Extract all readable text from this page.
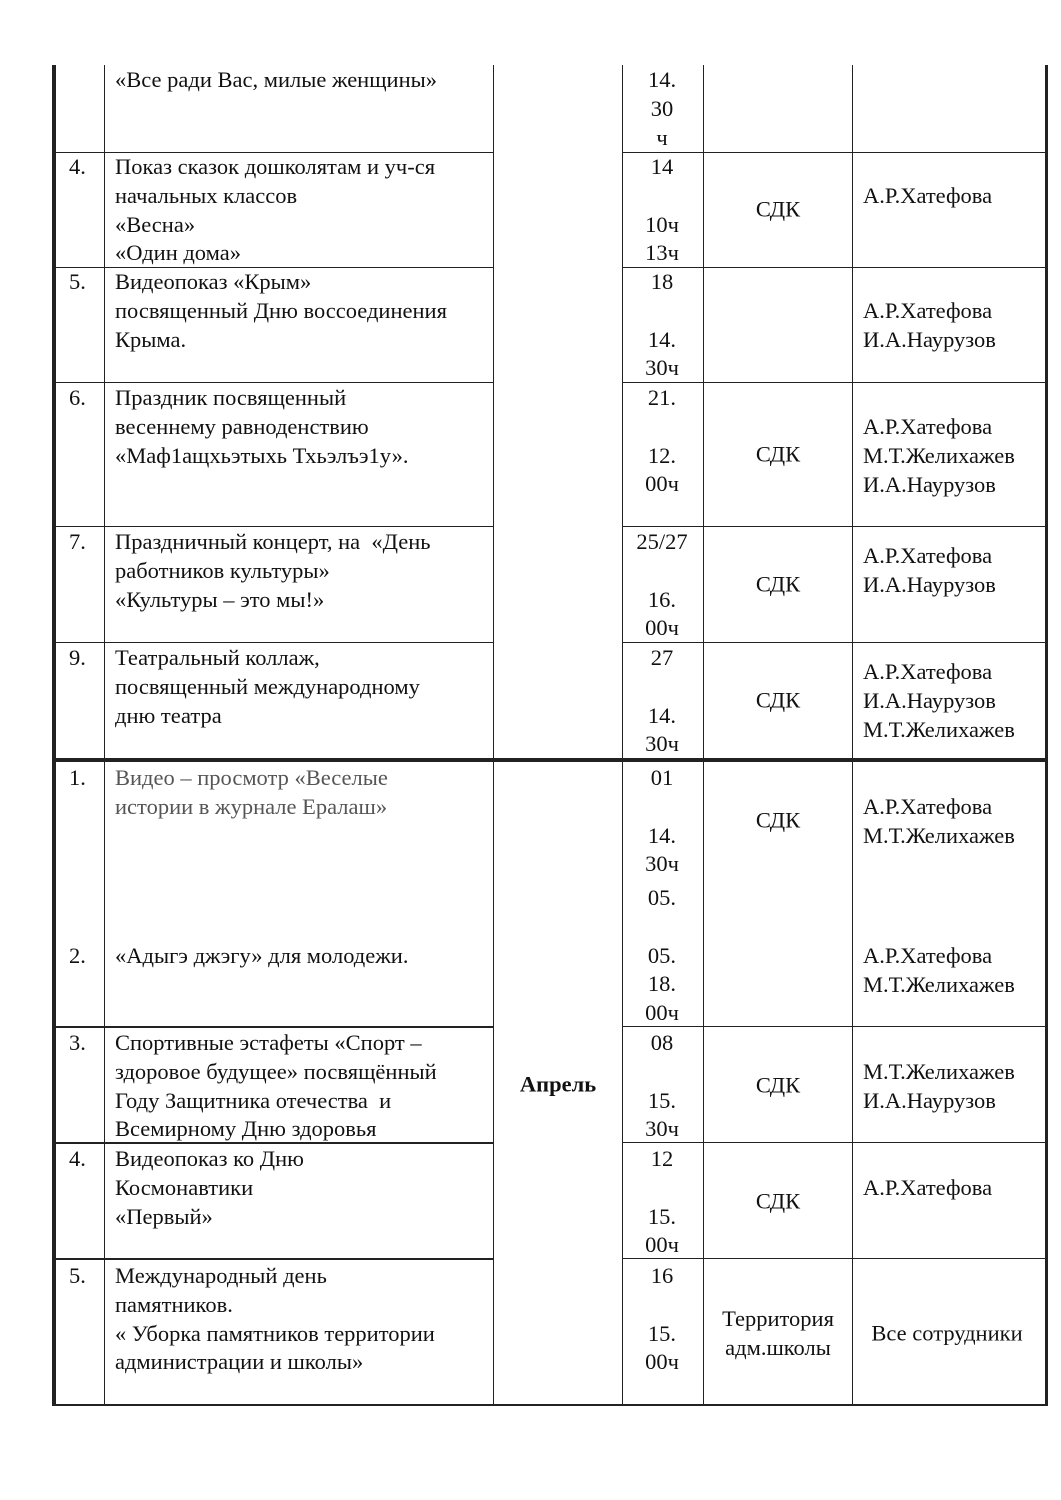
«Все ради Вас, милые женщины»	14.
30
ч

4. Показ сказок дошколятам и уч-ся
начальных классов
«Весна»
«Один дома»

14

10ч
13ч

СДК

А.Р.Хатефова

5. Видеопоказ «Крым»
посвященный Дню воссоединения
Крыма.

18

14.
30ч

А.Р.Хатефова
И.А.Наурузов

6. Праздник посвященный
весеннему равноденствию
«Маф1ащхьэтыхь Тхьэлъэ1у».

21.

12.
00ч

СДК

А.Р.Хатефова
М.Т.Желихажев
И.А.Наурузов

7. Праздничный концерт, на  «День
работников культуры»
«Культуры – это мы!»

25/27

16.
00ч

СДК

А.Р.Хатефова
И.А.Наурузов

9. Театральный коллаж,
посвященный международному
дню театра

27

14.
30ч

СДК

А.Р.Хатефова
И.А.Наурузов
М.Т.Желихажев

1. Видео – просмотр «Веселые
истории в журнале Ералаш»

01

14.
30ч

СДК

А.Р.Хатефова
М.Т.Желихажев

2. «Адыгэ джэгу» для молодежи.

05.

05.
18.
00ч

А.Р.Хатефова
М.Т.Желихажев

3. Спортивные эстафеты «Спорт –
здоровое будущее» посвящённый
Году Защитника отечества  и
Всемирному Дню здоровья

08

15.
30ч

СДК

М.Т.Желихажев
И.А.Наурузов

Апрель

4. Видеопоказ ко Дню
Космонавтики
«Первый»

12

15.
00ч

СДК

А.Р.Хатефова

5. Международный день
памятников.
« Уборка памятников территории
администрации и школы»

16

15.
00ч

Территория
адм.школы

Все сотрудники
